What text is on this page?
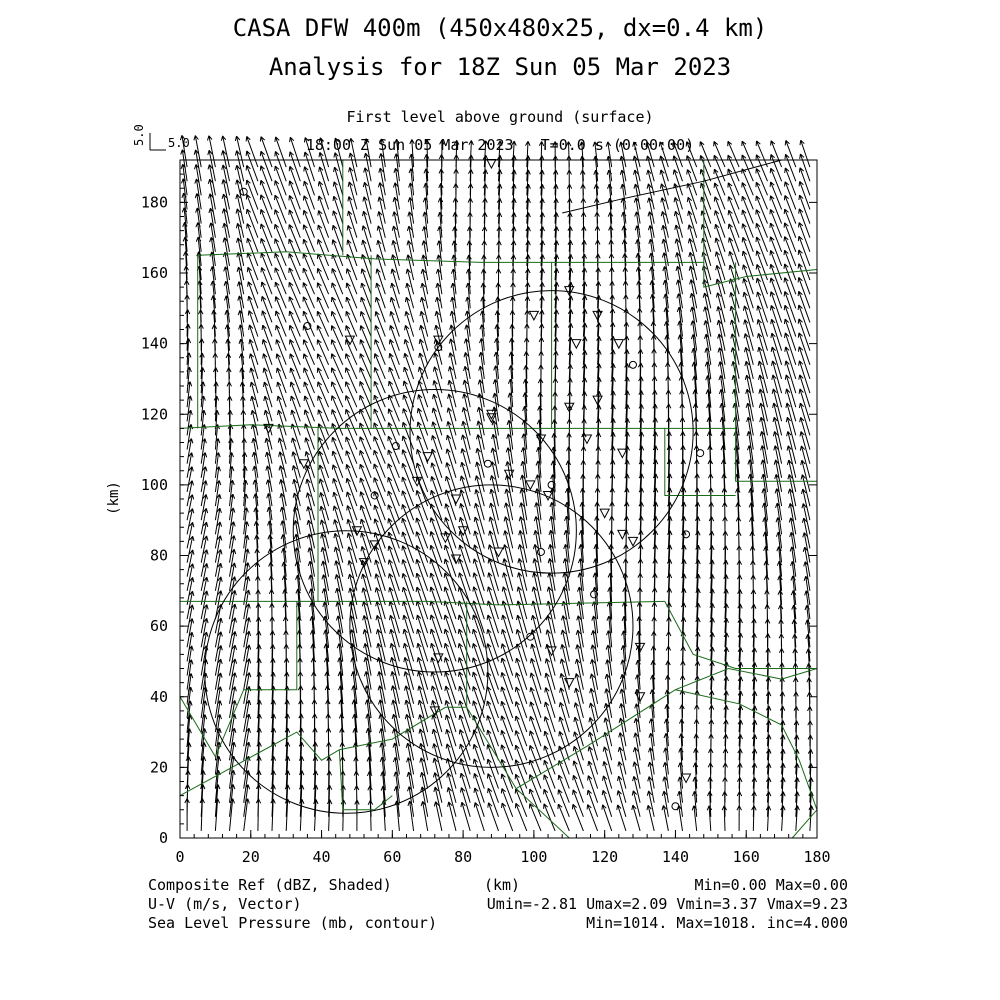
CASA DFW 400m (450x480x25, dx=0.4 km)
Analysis for 18Z Sun 05 Mar 2023
First level above ground (surface)
18:00 Z Sun 05 Mar 2023   T=0.0 s (0:00:00)
0	20	40	60	80	100	120	140	160	180
0
20
40
60
80
100
120
140
160
180
5.0 5.0
(km)
(km)
Composite Ref (dBZ, Shaded)
U-V (m/s, Vector)
Sea Level Pressure (mb, contour)
Min=0.00 Max=0.00
Umin=-2.81 Umax=2.09 Vmin=3.37 Vmax=9.23
Min=1014. Max=1018. inc=4.000
